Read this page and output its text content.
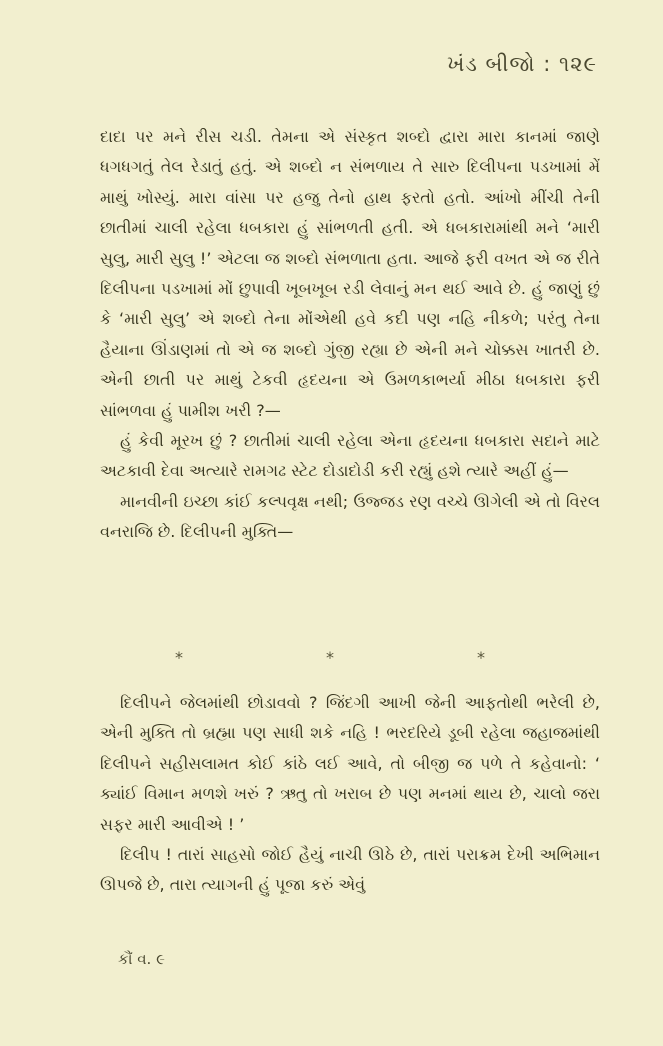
ખંડ બીજો : ૧૨૯

દાદા પર મને રીસ ચડી. તેમના એ સંસ્કૃત શબ્દો દ્વારા મારા કાનમાં જાણે ધગધગતું તેલ રેડાતું હતું. એ શબ્દો ન સંભળાય તે સારુ દિલીપના પડખામાં મેં માથું ખોસ્યું. મારા વાંસા પર હજુ તેનો હાથ ફરતો હતો. આંખો મીંચી તેની છાતીમાં ચાલી રહેલા ધબકારા હું સાંભળતી હતી. એ ધબકારામાંથી મને ‘મારી સુલુ, મારી સુલુ !’ એટલા જ શબ્દો સંભળાતા હતા. આજે ફરી વખત એ જ રીતે દિલીપના પડખામાં મોં છુપાવી ખૂબખૂબ રડી લેવાનું મન થઈ આવે છે. હું જાણું છું કે ‘મારી સુલુ’ એ શબ્દો તેના મોંએથી હવે કદી પણ નહિ નીકળે; પરંતુ તેના હૈયાના ઊંડાણમાં તો એ જ શબ્દો ગુંજી રહ્યા છે એની મને ચોક્કસ ખાતરી છે. એની છાતી પર માથું ટેકવી હૃદયના એ ઉમળકાભર્યા મીઠા ધબકારા ફરી સાંભળવા હું પામીશ ખરી ?—

હું કેવી મૂરખ છું ? છાતીમાં ચાલી રહેલા એના હૃદયના ધબકારા સદાને માટે અટકાવી દેવા અત્યારે રામગઢ સ્ટેટ દોડાદોડી કરી રહ્યું હશે ત્યારે અહીં હું—

માનવીની ઇચ્છા કાંઈ કલ્પવૃક્ષ નથી; ઉજ્જડ રણ વચ્ચે ઊગેલી એ તો વિરલ વનરાજિ છે. દિલીપની મુક્તિ—

*	*	*

દિલીપને જેલમાંથી છોડાવવો ? જિંદગી આખી જેની આફતોથી ભરેલી છે, એની મુક્તિ તો બ્રહ્મા પણ સાધી શકે નહિ ! ભરદરિયે ડૂબી રહેલા જહાજમાંથી દિલીપને સહીસલામત કોઈ કાંઠે લઈ આવે, તો બીજી જ પળે તે કહેવાનો: ‘ ક્યાંઈ વિમાન મળશે ખરું ? ઋતુ તો ખરાબ છે પણ મનમાં થાય છે, ચાલો જરા સફર મારી આવીએ ! ’

દિલીપ ! તારાં સાહસો જોઈ હૈયું નાચી ઊઠે છે, તારાં પરાક્રમ દેખી અભિમાન ઊપજે છે, તારા ત્યાગની હું પૂજા કરું એવું

કૌં વ. ૯
